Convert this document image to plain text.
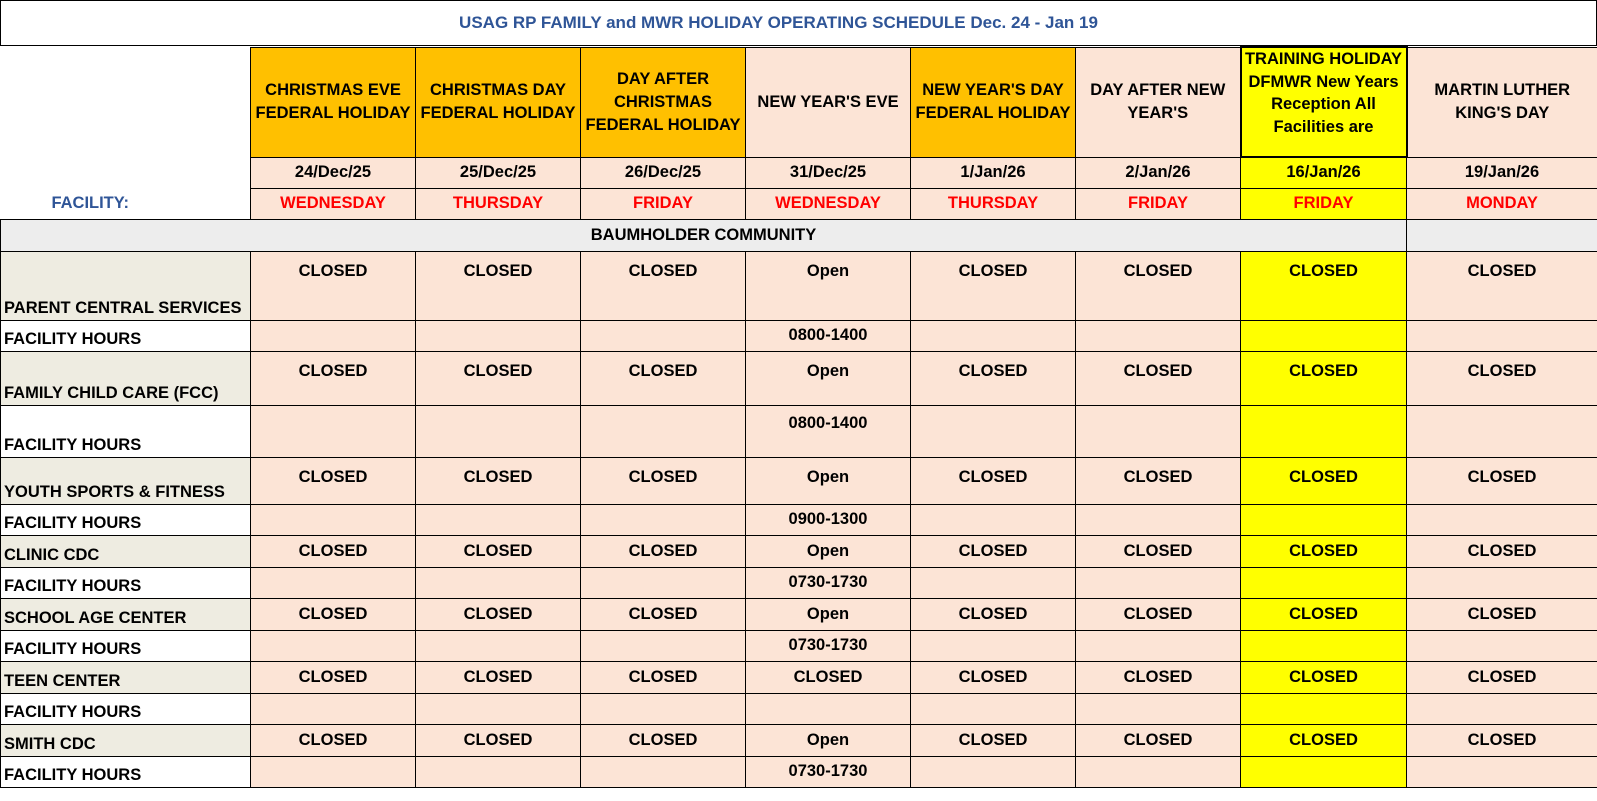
USAG RP FAMILY and MWR HOLIDAY OPERATING SCHEDULE Dec. 24 - Jan 19
FACILITY:	CHRISTMAS EVE FEDERAL HOLIDAY	CHRISTMAS DAY FEDERAL HOLIDAY	DAY AFTER CHRISTMAS FEDERAL HOLIDAY	NEW YEAR'S EVE	NEW YEAR'S DAY FEDERAL HOLIDAY	DAY AFTER NEW YEAR'S	TRAINING HOLIDAY DFMWR New Years Reception All Facilities are	MARTIN LUTHER KING'S DAY
	24/Dec/25	25/Dec/25	26/Dec/25	31/Dec/25	1/Jan/26	2/Jan/26	16/Jan/26	19/Jan/26
	WEDNESDAY	THURSDAY	FRIDAY	WEDNESDAY	THURSDAY	FRIDAY	FRIDAY	MONDAY
BAUMHOLDER COMMUNITY								
PARENT CENTRAL SERVICES	CLOSED	CLOSED	CLOSED	Open	CLOSED	CLOSED	CLOSED	CLOSED
FACILITY HOURS				0800-1400				
FAMILY CHILD CARE (FCC)	CLOSED	CLOSED	CLOSED	Open	CLOSED	CLOSED	CLOSED	CLOSED
FACILITY HOURS				0800-1400				
YOUTH SPORTS & FITNESS	CLOSED	CLOSED	CLOSED	Open	CLOSED	CLOSED	CLOSED	CLOSED
FACILITY HOURS				0900-1300				
CLINIC CDC	CLOSED	CLOSED	CLOSED	Open	CLOSED	CLOSED	CLOSED	CLOSED
FACILITY HOURS				0730-1730				
SCHOOL AGE CENTER	CLOSED	CLOSED	CLOSED	Open	CLOSED	CLOSED	CLOSED	CLOSED
FACILITY HOURS				0730-1730				
TEEN CENTER	CLOSED	CLOSED	CLOSED	CLOSED	CLOSED	CLOSED	CLOSED	CLOSED
FACILITY HOURS								
SMITH CDC	CLOSED	CLOSED	CLOSED	Open	CLOSED	CLOSED	CLOSED	CLOSED
FACILITY HOURS				0730-1730				
